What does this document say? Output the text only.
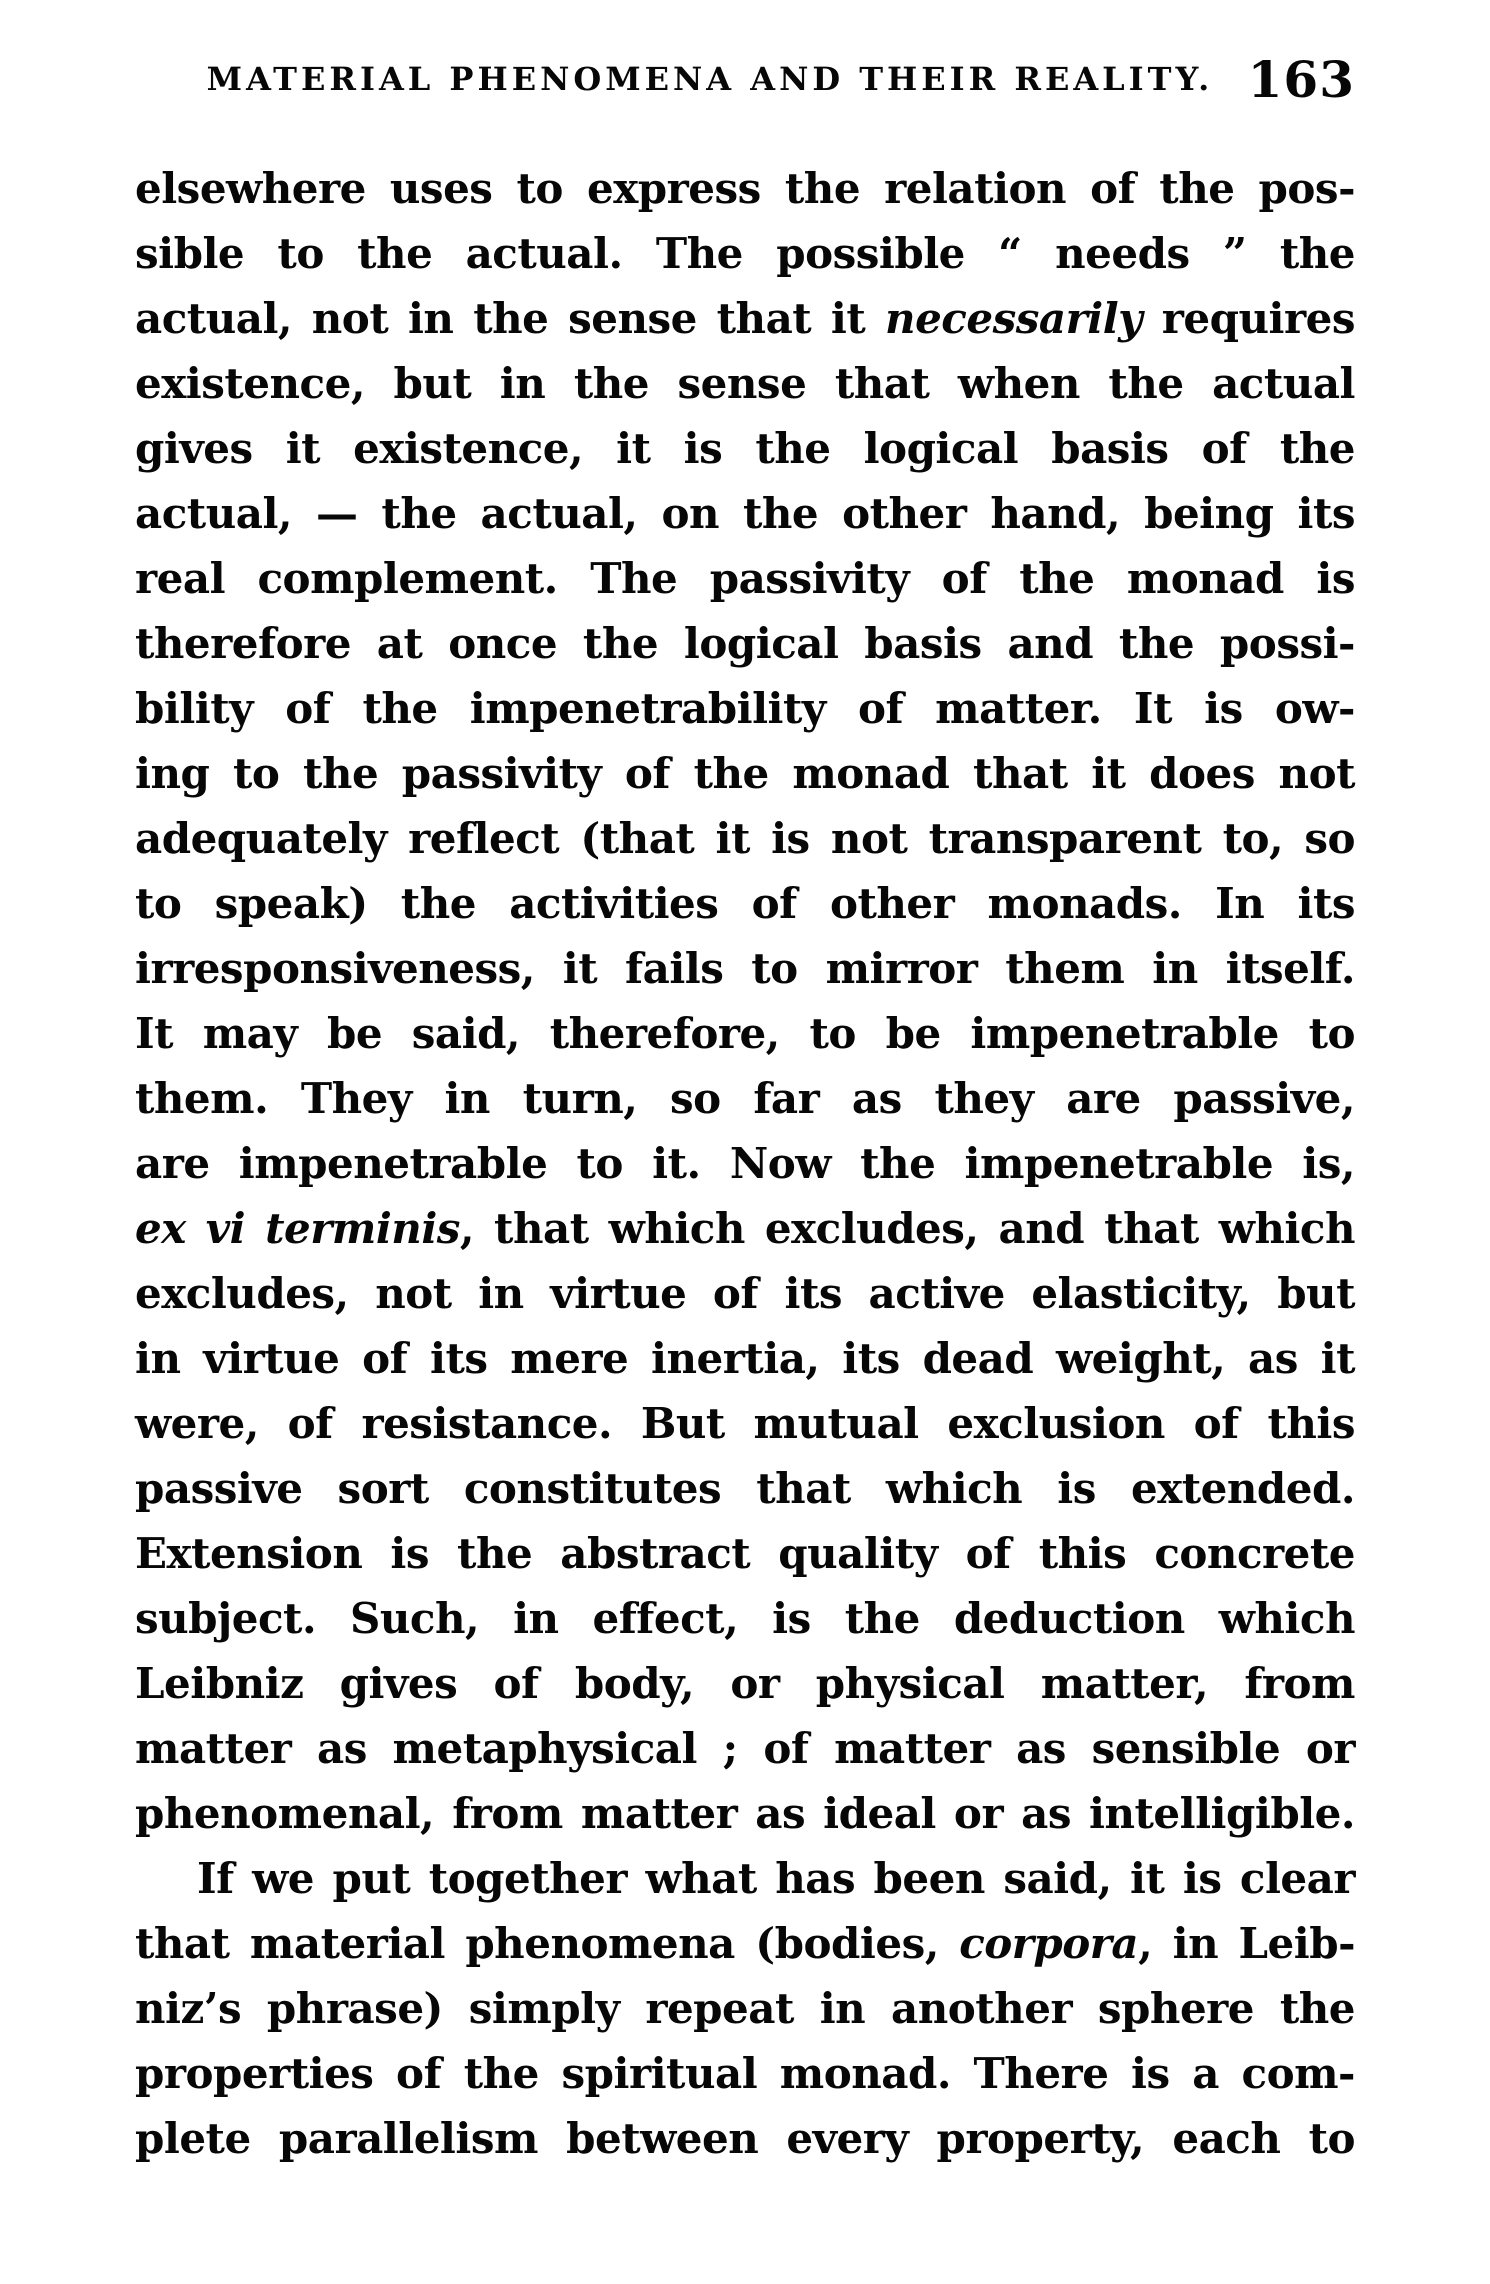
MATERIAL PHENOMENA AND THEIR REALITY. 163
elsewhere uses to express the relation of the pos-
sible to the actual. The possible “ needs ” the
actual, not in the sense that it necessarily requires
existence, but in the sense that when the actual
gives it existence, it is the logical basis of the
actual, — the actual, on the other hand, being its
real complement. The passivity of the monad is
therefore at once the logical basis and the possi-
bility of the impenetrability of matter. It is ow-
ing to the passivity of the monad that it does not
adequately reflect (that it is not transparent to, so
to speak) the activities of other monads. In its
irresponsiveness, it fails to mirror them in itself.
It may be said, therefore, to be impenetrable to
them. They in turn, so far as they are passive,
are impenetrable to it. Now the impenetrable is,
ex vi terminis, that which excludes, and that which
excludes, not in virtue of its active elasticity, but
in virtue of its mere inertia, its dead weight, as it
were, of resistance. But mutual exclusion of this
passive sort constitutes that which is extended.
Extension is the abstract quality of this concrete
subject. Such, in effect, is the deduction which
Leibniz gives of body, or physical matter, from
matter as metaphysical ; of matter as sensible or
phenomenal, from matter as ideal or as intelligible.
If we put together what has been said, it is clear
that material phenomena (bodies, corpora, in Leib-
niz’s phrase) simply repeat in another sphere the
properties of the spiritual monad. There is a com-
plete parallelism between every property, each to
